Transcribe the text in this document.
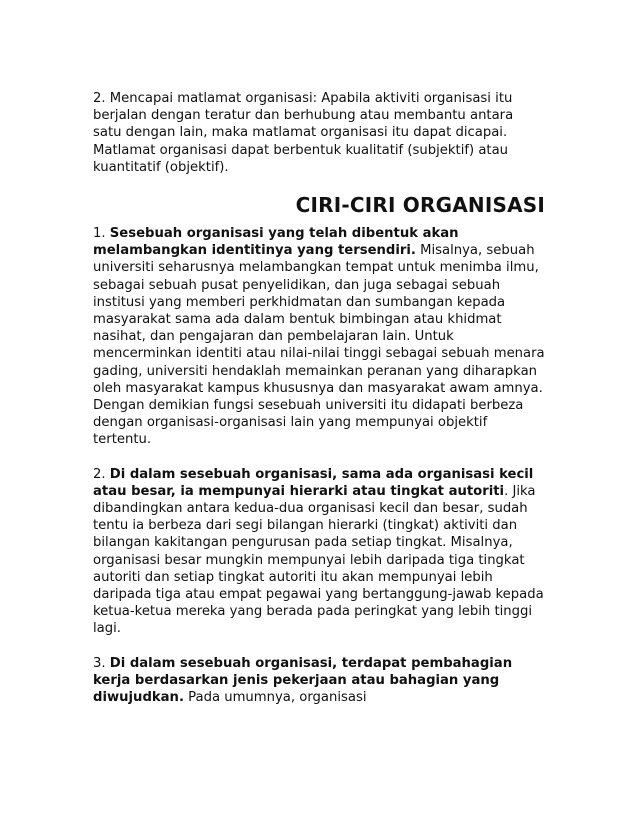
2. Mencapai matlamat organisasi: Apabila aktiviti organisasi itu berjalan dengan teratur dan berhubung atau membantu antara satu dengan lain, maka matlamat organisasi itu dapat dicapai. Matlamat organisasi dapat berbentuk kualitatif (subjektif) atau kuantitatif (objektif).

CIRI-CIRI ORGANISASI

1. Sesebuah organisasi yang telah dibentuk akan melambangkan identitinya yang tersendiri. Misalnya, sebuah universiti seharusnya melambangkan tempat untuk menimba ilmu, sebagai sebuah pusat penyelidikan, dan juga sebagai sebuah institusi yang memberi perkhidmatan dan sumbangan kepada masyarakat sama ada dalam bentuk bimbingan atau khidmat nasihat, dan pengajaran dan pembelajaran lain. Untuk mencerminkan identiti atau nilai-nilai tinggi sebagai sebuah menara gading, universiti hendaklah memainkan peranan yang diharapkan oleh masyarakat kampus khususnya dan masyarakat awam amnya. Dengan demikian fungsi sesebuah universiti itu didapati berbeza dengan organisasi-organisasi lain yang mempunyai objektif tertentu.

2. Di dalam sesebuah organisasi, sama ada organisasi kecil atau besar, ia mempunyai hierarki atau tingkat autoriti. Jika dibandingkan antara kedua-dua organisasi kecil dan besar, sudah tentu ia berbeza dari segi bilangan hierarki (tingkat) aktiviti dan bilangan kakitangan pengurusan pada setiap tingkat. Misalnya, organisasi besar mungkin mempunyai lebih daripada tiga tingkat autoriti dan setiap tingkat autoriti itu akan mempunyai lebih daripada tiga atau empat pegawai yang bertanggung-jawab kepada ketua-ketua mereka yang berada pada peringkat yang lebih tinggi lagi.

3. Di dalam sesebuah organisasi, terdapat pembahagian kerja berdasarkan jenis pekerjaan atau bahagian yang diwujudkan. Pada umumnya, organisasi
